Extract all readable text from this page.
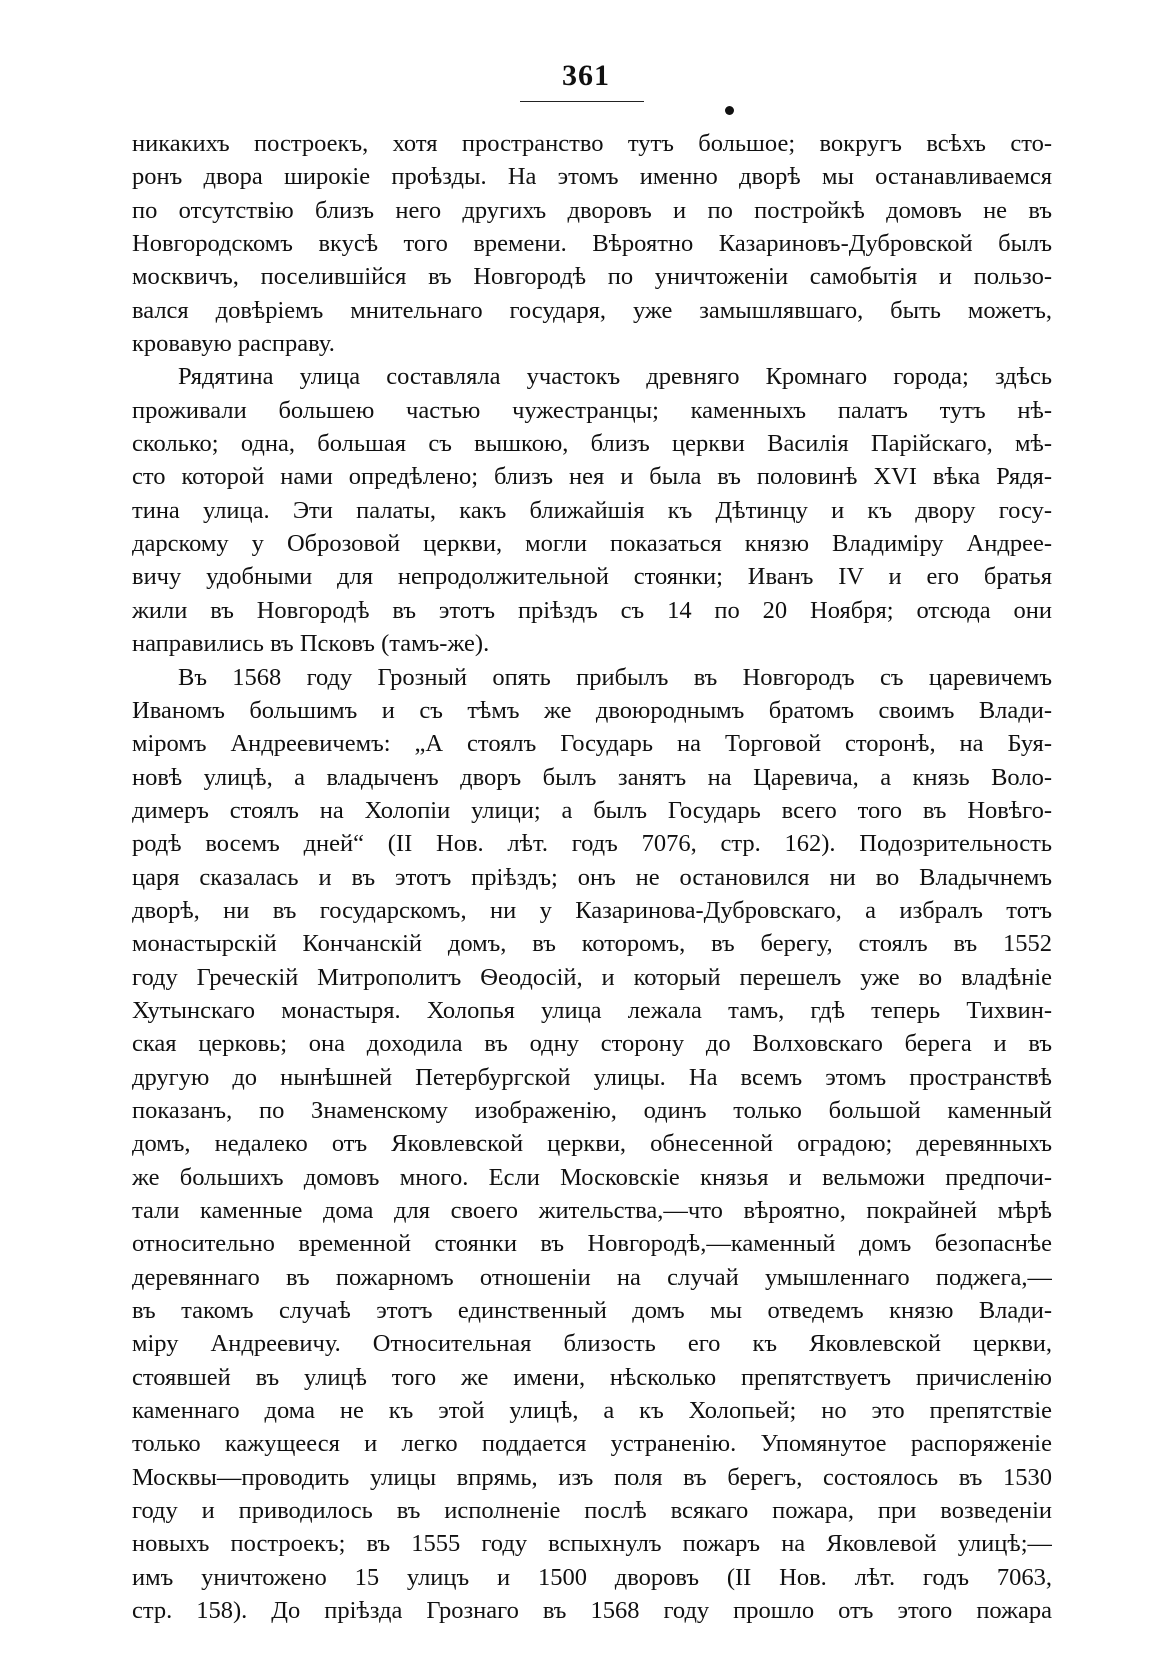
361
никакихъ построекъ, хотя пространство тутъ большое; вокругъ всѣхъ сто-
ронъ двора широкіе проѣзды. На этомъ именно дворѣ мы останавливаемся
по отсутствію близъ него другихъ дворовъ и по постройкѣ домовъ не въ
Новгородскомъ вкусѣ того времени. Вѣроятно Казариновъ-Дубровской былъ
москвичъ, поселившійся въ Новгородѣ по уничтоженіи самобытія и пользо-
вался довѣріемъ мнительнаго государя, уже замышлявшаго, быть можетъ,
кровавую расправу.
Рядятина улица составляла участокъ древняго Кромнаго города; здѣсь
проживали большею частью чужестранцы; каменныхъ палатъ тутъ нѣ-
сколько; одна, большая съ вышкою, близъ церкви Василія Парійскаго, мѣ-
сто которой нами опредѣлено; близъ нея и была въ половинѣ XVI вѣка Рядя-
тина улица. Эти палаты, какъ ближайшія къ Дѣтинцу и къ двору госу-
дарскому у Оброзовой церкви, могли показаться князю Владиміру Андрее-
вичу удобными для непродолжительной стоянки; Иванъ IV и его братья
жили въ Новгородѣ въ этотъ пріѣздъ съ 14 по 20 Ноября; отсюда они
направились въ Псковъ (тамъ-же).
Въ 1568 году Грозный опять прибылъ въ Новгородъ съ царевичемъ
Иваномъ большимъ и съ тѣмъ же двоюроднымъ братомъ своимъ Влади-
міромъ Андреевичемъ: „А стоялъ Государь на Торговой сторонѣ, на Буя-
новѣ улицѣ, а владыченъ дворъ былъ занятъ на Царевича, а князь Воло-
димеръ стоялъ на Холопіи улици; а былъ Государь всего того въ Новѣго-
родѣ восемъ дней“ (II Нов. лѣт. годъ 7076, стр. 162). Подозрительность
царя сказалась и въ этотъ пріѣздъ; онъ не остановился ни во Владычнемъ
дворѣ, ни въ государскомъ, ни у Казаринова-Дубровскаго, а избралъ тотъ
монастырскій Кончанскій домъ, въ которомъ, въ берегу, стоялъ въ 1552
году Греческій Митрополитъ Ѳеодосій, и который перешелъ уже во владѣніе
Хутынскаго монастыря. Холопья улица лежала тамъ, гдѣ теперь Тихвин-
ская церковь; она доходила въ одну сторону до Волховскаго берега и въ
другую до нынѣшней Петербургской улицы. На всемъ этомъ пространствѣ
показанъ, по Знаменскому изображенію, одинъ только большой каменный
домъ, недалеко отъ Яковлевской церкви, обнесенной оградою; деревянныхъ
же большихъ домовъ много. Если Московскіе князья и вельможи предпочи-
тали каменные дома для своего жительства,—что вѣроятно, покрайней мѣрѣ
относительно временной стоянки въ Новгородѣ,—каменный домъ безопаснѣе
деревяннаго въ пожарномъ отношеніи на случай умышленнаго поджега,—
въ такомъ случаѣ этотъ единственный домъ мы отведемъ князю Влади-
міру Андреевичу. Относительная близость его къ Яковлевской церкви,
стоявшей въ улицѣ того же имени, нѣсколько препятствуетъ причисленію
каменнаго дома не къ этой улицѣ, а къ Холопьей; но это препятствіе
только кажущееся и легко поддается устраненію. Упомянутое распоряженіе
Москвы—проводить улицы впрямь, изъ поля въ берегъ, состоялось въ 1530
году и приводилось въ исполненіе послѣ всякаго пожара, при возведеніи
новыхъ построекъ; въ 1555 году вспыхнулъ пожаръ на Яковлевой улицѣ;—
имъ уничтожено 15 улицъ и 1500 дворовъ (II Нов. лѣт. годъ 7063,
стр. 158). До пріѣзда Грознаго въ 1568 году прошло отъ этого пожара
